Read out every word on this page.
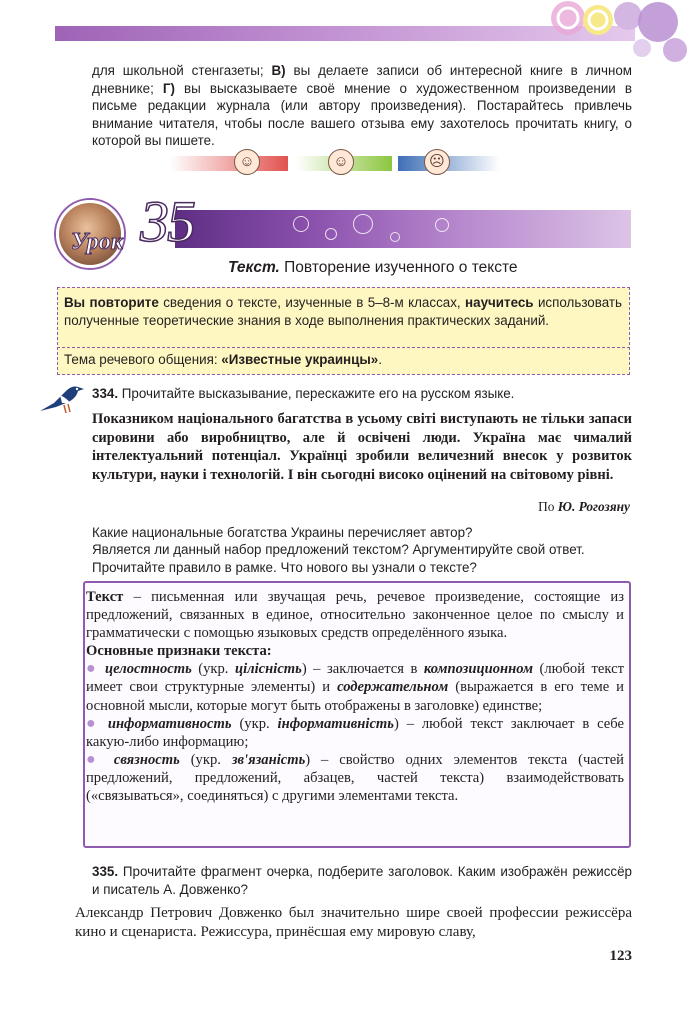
для школьной стенгазеты; В) вы делаете записи об интересной книге в личном дневнике; Г) вы высказываете своё мнение о художественном произведении в письме редакции журнала (или автору произведения). Постарайтесь привлечь внимание читателя, чтобы после вашего отзыва ему захотелось прочитать книгу, о которой вы пишете.
☺	☺	☹
Урок 35
Текст. Повторение изученного о тексте
Вы повторите сведения о тексте, изученные в 5–8-м классах, научитесь использовать полученные теоретические знания в ходе выполнения практических заданий.
Тема речевого общения: «Известные украинцы».
334. Прочитайте высказывание, перескажите его на русском языке.
Показником національного багатства в усьому світі виступають не тільки запаси сировини або виробництво, але й освічені люди. Україна має чималий інтелектуальний потенціал. Українці зробили величезний внесок у розвиток культури, науки і технологій. І він сьогодні високо оцінений на світовому рівні.
По Ю. Рогозяну
Какие национальные богатства Украины перечисляет автор?
Является ли данный набор предложений текстом? Аргументируйте свой ответ.
Прочитайте правило в рамке. Что нового вы узнали о тексте?

Текст – письменная или звучащая речь, речевое произведение, состоящие из предложений, связанных в единое, относительно законченное целое по смыслу и грамматически с помощью языковых средств определённого языка.

Основные признаки текста:

● целостность (укр. цілісність) – заключается в композиционном (любой текст имеет свои структурные элементы) и содержательном (выражается в его теме и основной мысли, которые могут быть отображены в заголовке) единстве;

● информативность (укр. інформативність) – любой текст заключает в себе какую-либо информацию;

● связность (укр. зв'язаність) – свойство одних элементов текста (частей предложений, предложений, абзацев, частей текста) взаимодействовать («связываться», соединяться) с другими элементами текста.

335. Прочитайте фрагмент очерка, подберите заголовок. Каким изображён режиссёр и писатель А. Довженко?
Александр Петрович Довженко был значительно шире своей профессии режиссёра кино и сценариста. Режиссура, принёсшая ему мировую славу,
123
